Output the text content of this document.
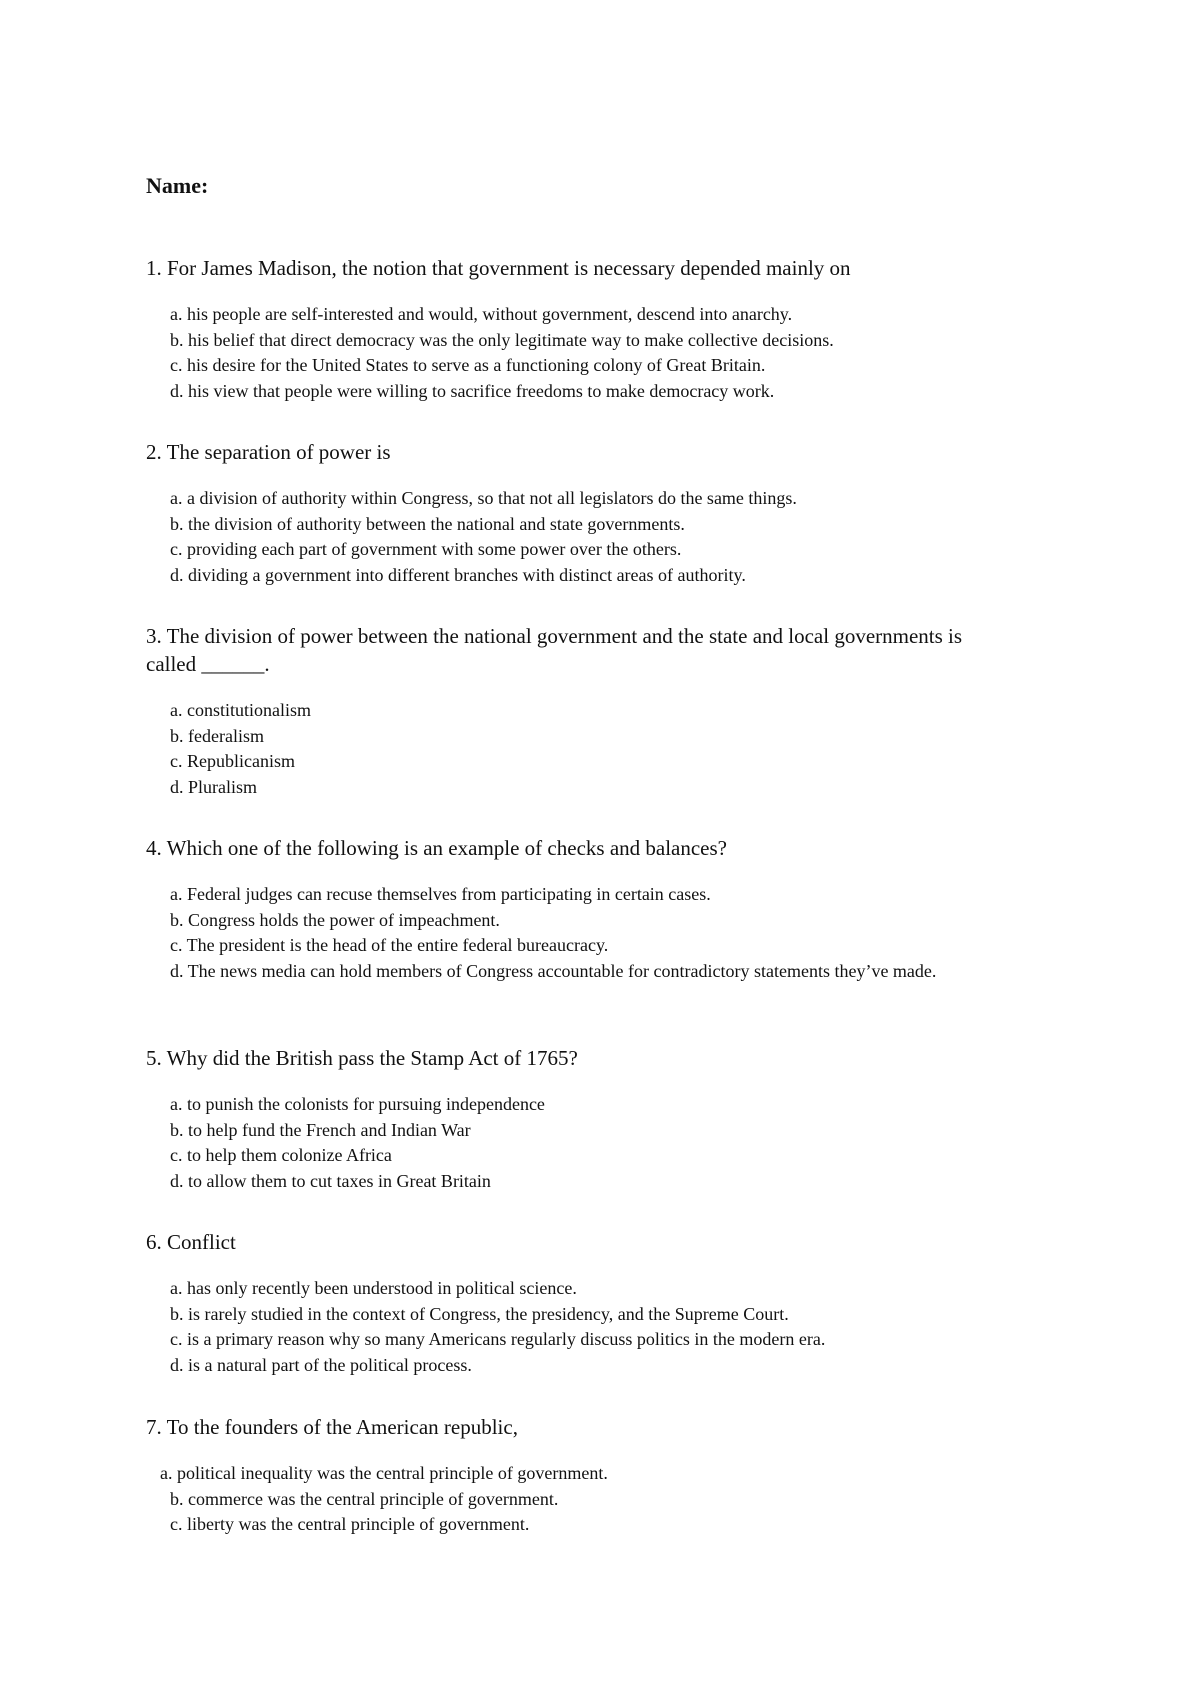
Name:

1. For James Madison, the notion that government is necessary depended mainly on

a. his people are self-interested and would, without government, descend into anarchy.
b. his belief that direct democracy was the only legitimate way to make collective decisions.
c. his desire for the United States to serve as a functioning colony of Great Britain.
d. his view that people were willing to sacrifice freedoms to make democracy work.

2. The separation of power is

a. a division of authority within Congress, so that not all legislators do the same things.
b. the division of authority between the national and state governments.
c. providing each part of government with some power over the others.
d. dividing a government into different branches with distinct areas of authority.

3. The division of power between the national government and the state and local governments is called ______.

a. constitutionalism
b. federalism
c. Republicanism
d. Pluralism

4. Which one of the following is an example of checks and balances?

a. Federal judges can recuse themselves from participating in certain cases.
b. Congress holds the power of impeachment.
c. The president is the head of the entire federal bureaucracy.
d. The news media can hold members of Congress accountable for contradictory statements they’ve made.

5. Why did the British pass the Stamp Act of 1765?

a. to punish the colonists for pursuing independence
b. to help fund the French and Indian War
c. to help them colonize Africa
d. to allow them to cut taxes in Great Britain

6. Conflict

a. has only recently been understood in political science.
b. is rarely studied in the context of Congress, the presidency, and the Supreme Court.
c. is a primary reason why so many Americans regularly discuss politics in the modern era.
d. is a natural part of the political process.

7. To the founders of the American republic,

a. political inequality was the central principle of government.
b. commerce was the central principle of government.
c. liberty was the central principle of government.
